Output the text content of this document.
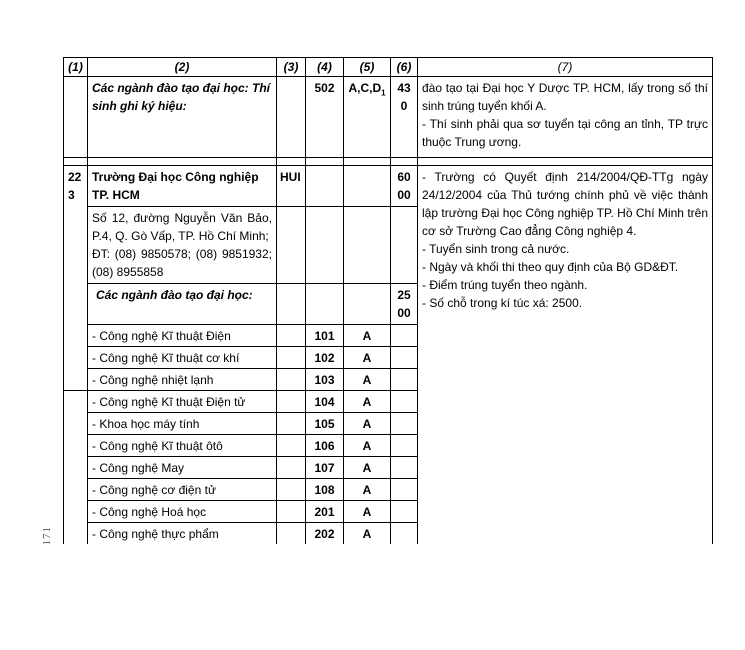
171
(1)	(2)	(3)	(4)	(5)	(6)	(7)
	Các ngành đào tạo đại học: Thí sinh ghi ký hiệu:		502	$A,C,D_1$	430	đào tạo tại Đại học Y Dược TP. HCM, lấy trong số thí sinh trúng tuyển khối A.
- Thí sinh phải qua sơ tuyển tại công an tỉnh, TP trực thuộc Trung ương.

223	Trường Đại học Công nghiệp TP. HCM	HUI			6000	- Trường có Quyết định 214/2004/QĐ-TTg ngày 24/12/2004 của Thủ tướng chính phủ về việc thành lập trường Đại học Công nghiệp TP. Hồ Chí Minh trên cơ sở Trường Cao đẳng Công nghiệp 4.
- Tuyển sinh trong cả nước.
- Ngày và khối thi theo quy định của Bộ GD&ĐT.
- Điểm trúng tuyển theo ngành.
- Số chỗ trong kí túc xá: 2500.

	Số 12, đường Nguyễn Văn Bảo, P.4, Q. Gò Vấp, TP. Hồ Chí Minh;
ĐT: (08) 9850578; (08) 9851932; (08) 8955858					

	Các ngành đào tạo đại học:				2500	
	- Công nghệ Kĩ thuật Điện		101	A		
	- Công nghệ Kĩ thuật cơ khí		102	A		
	- Công nghệ nhiệt lạnh		103	A		
	- Công nghệ Kĩ thuật Điện tử		104	A		
	- Khoa học máy tính		105	A		
	- Công nghệ Kĩ thuật ôtô		106	A		
	- Công nghệ May		107	A		
	- Công nghệ cơ điện tử		108	A		
	- Công nghệ Hoá học		201	A		
	- Công nghệ thực phẩm		202	A		
